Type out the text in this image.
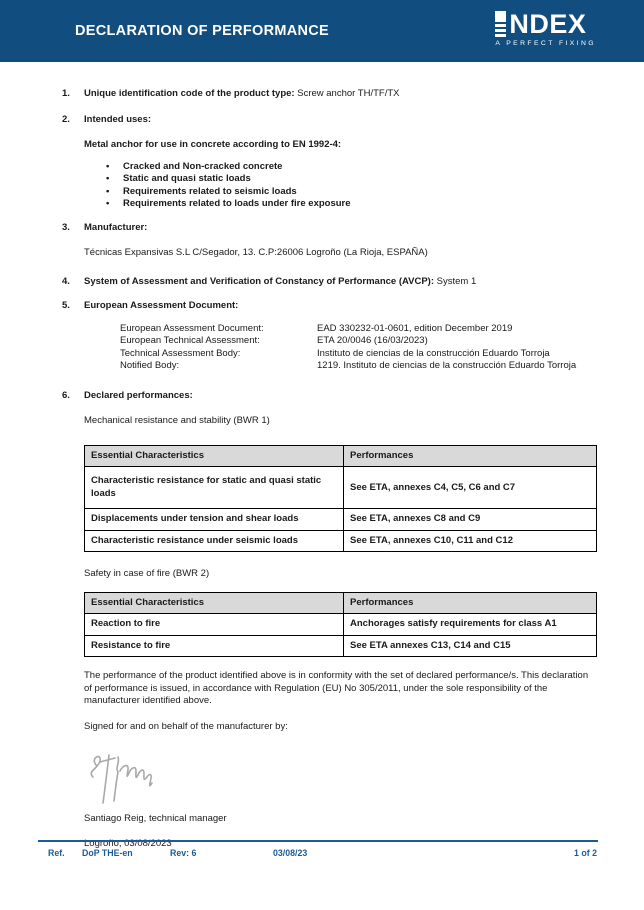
DECLARATION OF PERFORMANCE	NDEX
A PERFECT FIXING
1.	Unique identification code of the product type: Screw anchor TH/TF/TX
2.	Intended uses:
Metal anchor for use in concrete according to EN 1992-4:
•	Cracked and Non-cracked concrete
•	Static and quasi static loads
•	Requirements related to seismic loads
•	Requirements related to loads under fire exposure
3.	Manufacturer:
Técnicas Expansivas S.L C/Segador, 13. C.P:26006 Logroño (La Rioja, ESPAÑA)
4.	System of Assessment and Verification of Constancy of Performance (AVCP): System 1
5.	European Assessment Document:
European Assessment Document:	EAD 330232-01-0601, edition December 2019
European Technical Assessment:	ETA 20/0046 (16/03/2023)
Technical Assessment Body:	Instituto de ciencias de la construcción Eduardo Torroja
Notified Body:	1219. Instituto de ciencias de la construcción Eduardo Torroja
6.	Declared performances:
Mechanical resistance and stability (BWR 1)
Essential Characteristics	Performances
Characteristic resistance for static and quasi static loads	See ETA, annexes C4, C5, C6 and C7
Displacements under tension and shear loads	See ETA, annexes C8 and C9
Characteristic resistance under seismic loads	See ETA, annexes C10, C11 and C12
Safety in case of fire (BWR 2)
Essential Characteristics	Performances
Reaction to fire	Anchorages satisfy requirements for class A1
Resistance to fire	See ETA annexes C13, C14 and C15
The performance of the product identified above is in conformity with the set of declared performance/s. This declaration of performance is issued, in accordance with Regulation (EU) No 305/2011, under the sole responsibility of the manufacturer identified above.
Signed for and on behalf of the manufacturer by:
Santiago Reig, technical manager
Logroño, 03/08/2023
Ref. DoP THE-en	Rev: 6	03/08/23	1 of 2
